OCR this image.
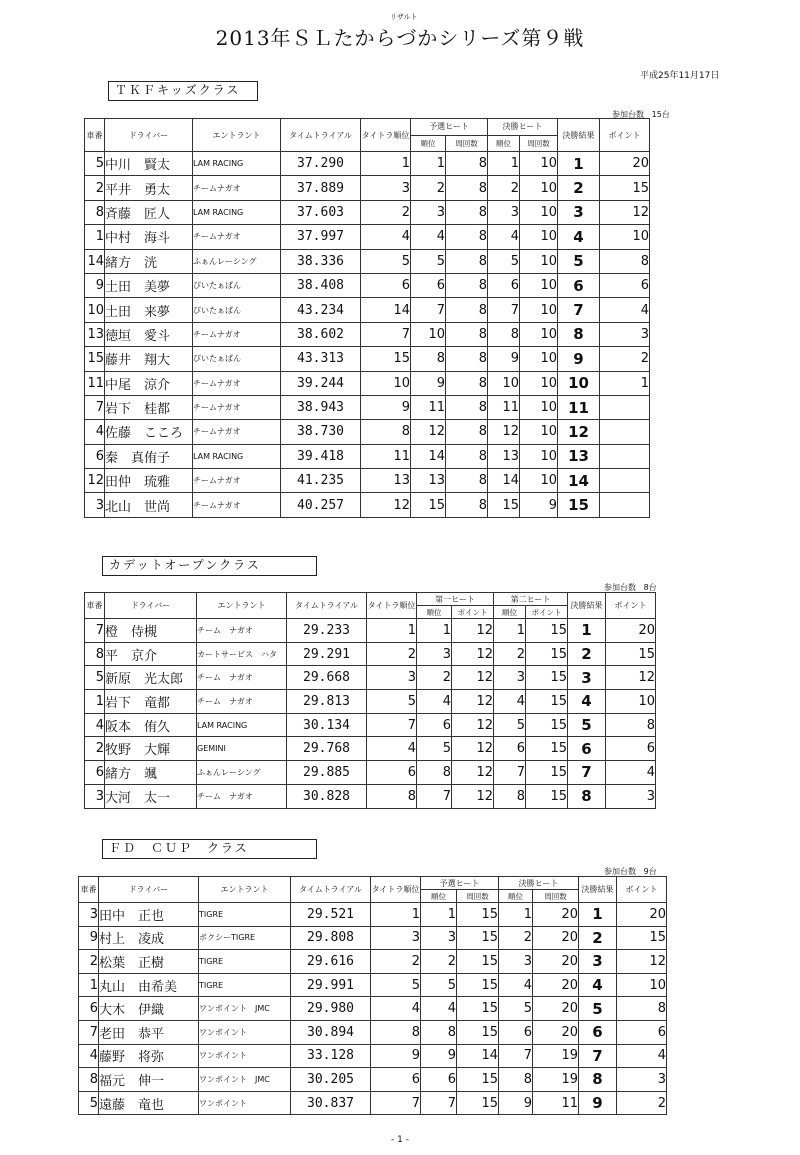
2013年ＳＬたからづかシリーズ第９戦
リザルト
平成25年11月17日
- 1 -
ＴＫＦキッズクラス
参加台数 15台
車番	ドライバー	エントラント	タイムトライアル	タイトラ順位	予選ヒート		決勝ヒート		決勝結果	ポイント
					順位	周回数	順位	周回数		
5	中川　賢太	LAM RACING	37.290	1	1	8	1	10	1	20
2	平井　勇太	チームナガオ	37.889	3	2	8	2	10	2	15
8	斉藤　匠人	LAM RACING	37.603	2	3	8	3	10	3	12
1	中村　海斗	チームナガオ	37.997	4	4	8	4	10	4	10
14	緒方　洸	ふぁんレーシング	38.336	5	5	8	5	10	5	8
9	土田　美夢	ぴいたぁぱん	38.408	6	6	8	6	10	6	6
10	土田　来夢	ぴいたぁぱん	43.234	14	7	8	7	10	7	4
13	徳垣　愛斗	チームナガオ	38.602	7	10	8	8	10	8	3
15	藤井　翔大	ぴいたぁぱん	43.313	15	8	8	9	10	9	2
11	中尾　涼介	チームナガオ	39.244	10	9	8	10	10	10	1
7	岩下　桂都	チームナガオ	38.943	9	11	8	11	10	11	
4	佐藤　こころ	チームナガオ	38.730	8	12	8	12	10	12	
6	秦　真侑子	LAM RACING	39.418	11	14	8	13	10	13	
12	田仲　琉雅	チームナガオ	41.235	13	13	8	14	10	14	
3	北山　世尚	チームナガオ	40.257	12	15	8	15	9	15	
カデットオープンクラス
参加台数 8台
車番	ドライバー	エントラント	タイムトライアル	タイトラ順位	第一ヒート		第二ヒート		決勝結果	ポイント
					順位	ポイント	順位	ポイント		
7	橙　侍槻	チーム　ナガオ	29.233	1	1	12	1	15	1	20
8	平　京介	カートサービス　ハタ	29.291	2	3	12	2	15	2	15
5	新原　光太郎	チーム　ナガオ	29.668	3	2	12	3	15	3	12
1	岩下　竜都	チーム　ナガオ	29.813	5	4	12	4	15	4	10
4	阪本　侑久	LAM RACING	30.134	7	6	12	5	15	5	8
2	牧野　大輝	GEMINI	29.768	4	5	12	6	15	6	6
6	緒方　颯	ふぁんレーシング	29.885	6	8	12	7	15	7	4
3	大河　太一	チーム　ナガオ	30.828	8	7	12	8	15	8	3
ＦＤ　ＣＵＰ　クラス
参加台数 9台
車番	ドライバー	エントラント	タイムトライアル	タイトラ順位	予選ヒート		決勝ヒート		決勝結果	ポイント
					順位	周回数	順位	周回数		
3	田中　正也	TIGRE	29.521	1	1	15	1	20	1	20
9	村上　凌成	ボクシーTIGRE	29.808	3	3	15	2	20	2	15
2	松葉　正樹	TIGRE	29.616	2	2	15	3	20	3	12
1	丸山　由希美	TIGRE	29.991	5	5	15	4	20	4	10
6	大木　伊織	ワンポイント　JMC	29.980	4	4	15	5	20	5	8
7	老田　恭平	ワンポイント	30.894	8	8	15	6	20	6	6
4	藤野　将弥	ワンポイント	33.128	9	9	14	7	19	7	4
8	福元　伸一	ワンポイント　JMC	30.205	6	6	15	8	19	8	3
5	遠藤　竜也	ワンポイント	30.837	7	7	15	9	11	9	2
